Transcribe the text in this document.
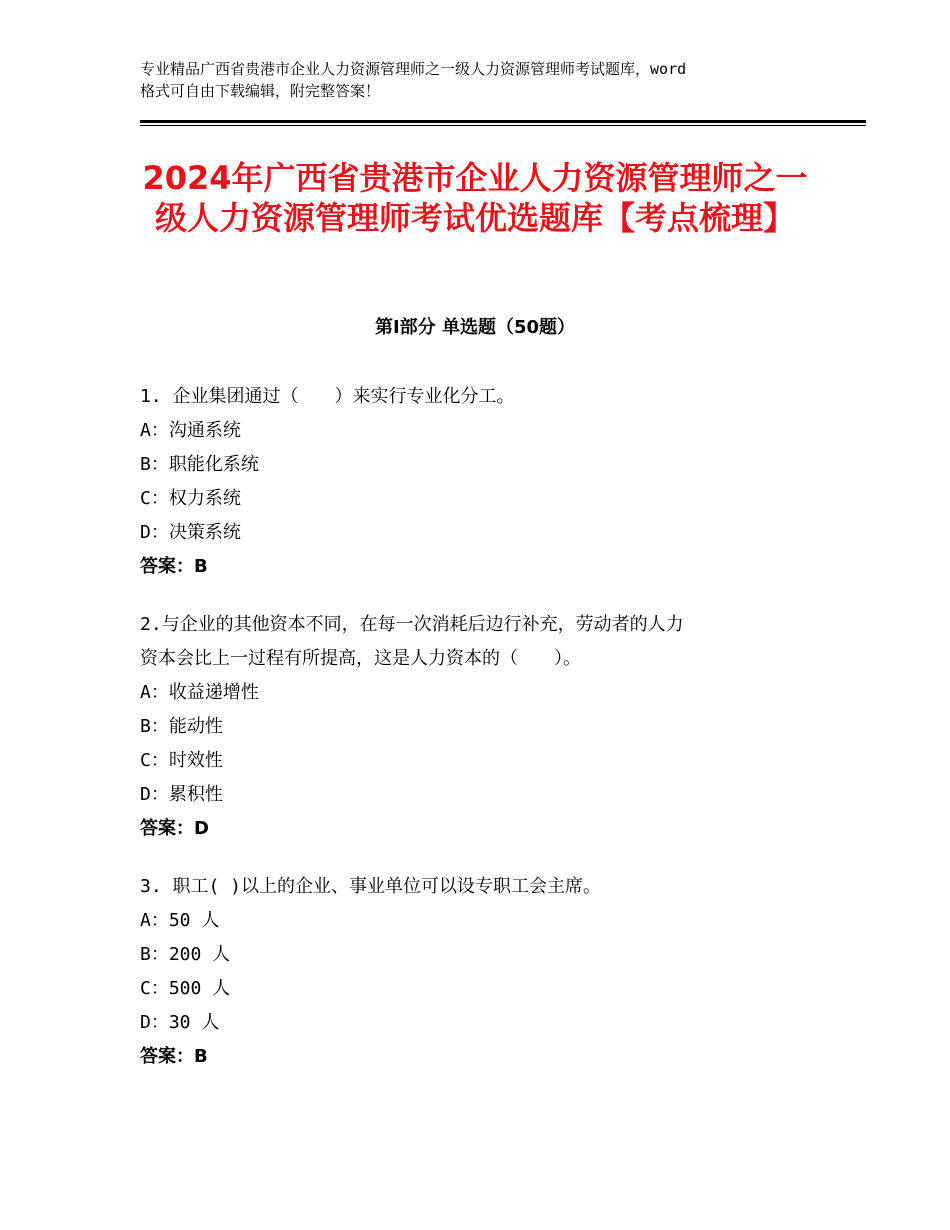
专业精品广西省贵港市企业人力资源管理师之一级人力资源管理师考试题库，word
格式可自由下载编辑，附完整答案！
2024年广西省贵港市企业人力资源管理师之一级人力资源管理师考试优选题库【考点梳理】
第Ⅰ部分 单选题（50题）
1. 企业集团通过（　　）来实行专业化分工。
A：沟通系统
B：职能化系统
C：权力系统
D：决策系统
答案：B
2.与企业的其他资本不同，在每一次消耗后边行补充，劳动者的人力
资本会比上一过程有所提高，这是人力资本的（　　）。
A：收益递增性
B：能动性
C：时效性
D：累积性
答案：D
3. 职工( )以上的企业、事业单位可以设专职工会主席。
A：50 人
B：200 人
C：500 人
D：30 人
答案：B
